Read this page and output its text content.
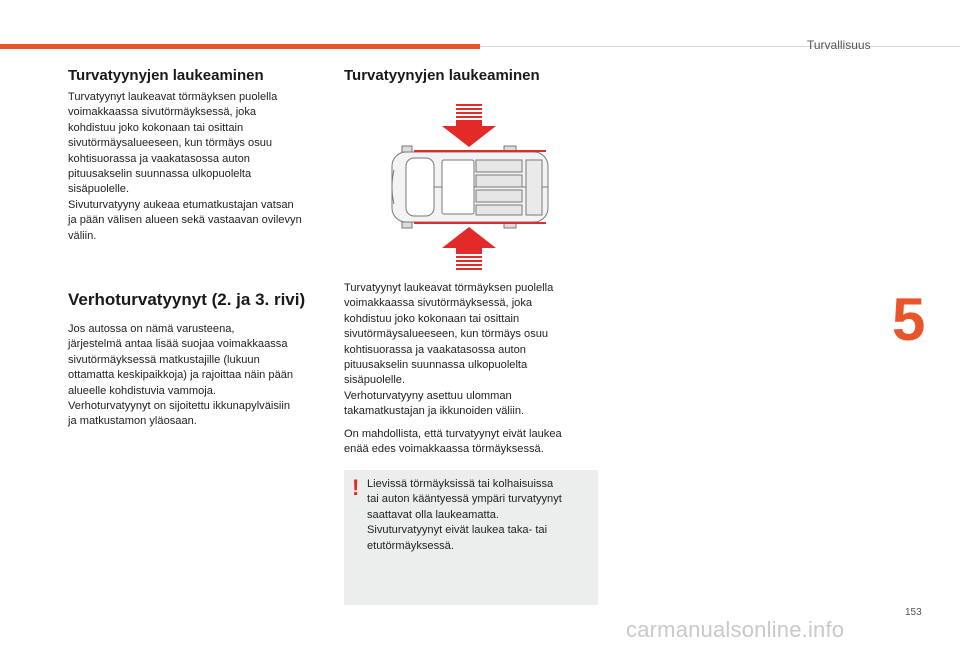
Turvallisuus
5
Turvatyynyjen laukeaminen

Turvatyynyt laukeavat törmäyksen puolella
voimakkaassa sivutörmäyksessä, joka
kohdistuu joko kokonaan tai osittain
sivutörmäysalueeseen, kun törmäys osuu
kohtisuorassa ja vaakatasossa auton
pituusakselin suunnassa ulkopuolelta
sisäpuolelle.
Sivuturvatyyny aukeaa etumatkustajan vatsan
ja pään välisen alueen sekä vastaavan ovilevyn
väliin.

Verhoturvatyynyt (2. ja 3. rivi)

Jos autossa on nämä varusteena,
järjestelmä antaa lisää suojaa voimakkaassa
sivutörmäyksessä matkustajille (lukuun
ottamatta keskipaikkoja) ja rajoittaa näin pään
alueelle kohdistuvia vammoja.
Verhoturvatyynyt on sijoitettu ikkunapylväisiin
ja matkustamon yläosaan.

Turvatyynyjen laukeaminen

Turvatyynyt laukeavat törmäyksen puolella
voimakkaassa sivutörmäyksessä, joka
kohdistuu joko kokonaan tai osittain
sivutörmäysalueeseen, kun törmäys osuu
kohtisuorassa ja vaakatasossa auton
pituusakselin suunnassa ulkopuolelta
sisäpuolelle.
Verhoturvatyyny asettuu ulomman
takamatkustajan ja ikkunoiden väliin.

On mahdollista, että turvatyynyt eivät laukea
enää edes voimakkaassa törmäyksessä.

! Lievissä törmäyksissä tai kolhaisuissa
tai auton kääntyessä ympäri turvatyynyt
saattavat olla laukeamatta.
Sivuturvatyynyt eivät laukea taka- tai
etutörmäyksessä.

153
carmanualsonline.info
